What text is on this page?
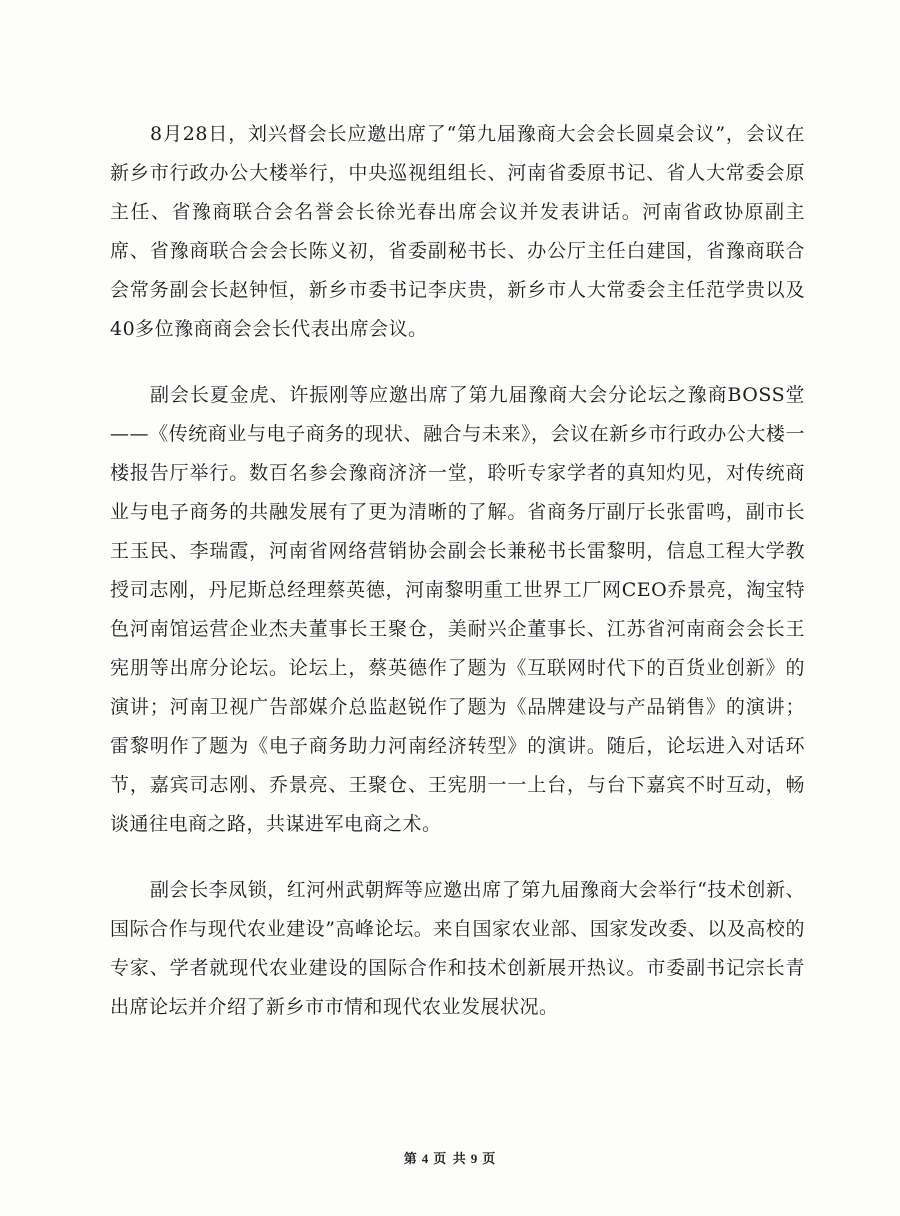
8月28日，刘兴督会长应邀出席了“第九届豫商大会会长圆桌会议”，会议在新乡市行政办公大楼举行，中央巡视组组长、河南省委原书记、省人大常委会原主任、省豫商联合会名誉会长徐光春出席会议并发表讲话。河南省政协原副主席、省豫商联合会会长陈义初，省委副秘书长、办公厅主任白建国，省豫商联合会常务副会长赵钟恒，新乡市委书记李庆贵，新乡市人大常委会主任范学贵以及40多位豫商商会会长代表出席会议。

副会长夏金虎、许振刚等应邀出席了第九届豫商大会分论坛之豫商BOSS堂——《传统商业与电子商务的现状、融合与未来》，会议在新乡市行政办公大楼一楼报告厅举行。数百名参会豫商济济一堂，聆听专家学者的真知灼见，对传统商业与电子商务的共融发展有了更为清晰的了解。省商务厅副厅长张雷鸣，副市长王玉民、李瑞霞，河南省网络营销协会副会长兼秘书长雷黎明，信息工程大学教授司志刚，丹尼斯总经理蔡英德，河南黎明重工世界工厂网CEO乔景亮，淘宝特色河南馆运营企业杰夫董事长王聚仓，美耐兴企董事长、江苏省河南商会会长王宪朋等出席分论坛。论坛上，蔡英德作了题为《互联网时代下的百货业创新》的演讲；河南卫视广告部媒介总监赵锐作了题为《品牌建设与产品销售》的演讲；雷黎明作了题为《电子商务助力河南经济转型》的演讲。随后，论坛进入对话环节，嘉宾司志刚、乔景亮、王聚仓、王宪朋一一上台，与台下嘉宾不时互动，畅谈通往电商之路，共谋进军电商之术。

副会长李凤锁，红河州武朝辉等应邀出席了第九届豫商大会举行“技术创新、国际合作与现代农业建设”高峰论坛。来自国家农业部、国家发改委、以及高校的专家、学者就现代农业建设的国际合作和技术创新展开热议。市委副书记宗长青出席论坛并介绍了新乡市市情和现代农业发展状况。

第 4 页 共 9 页
